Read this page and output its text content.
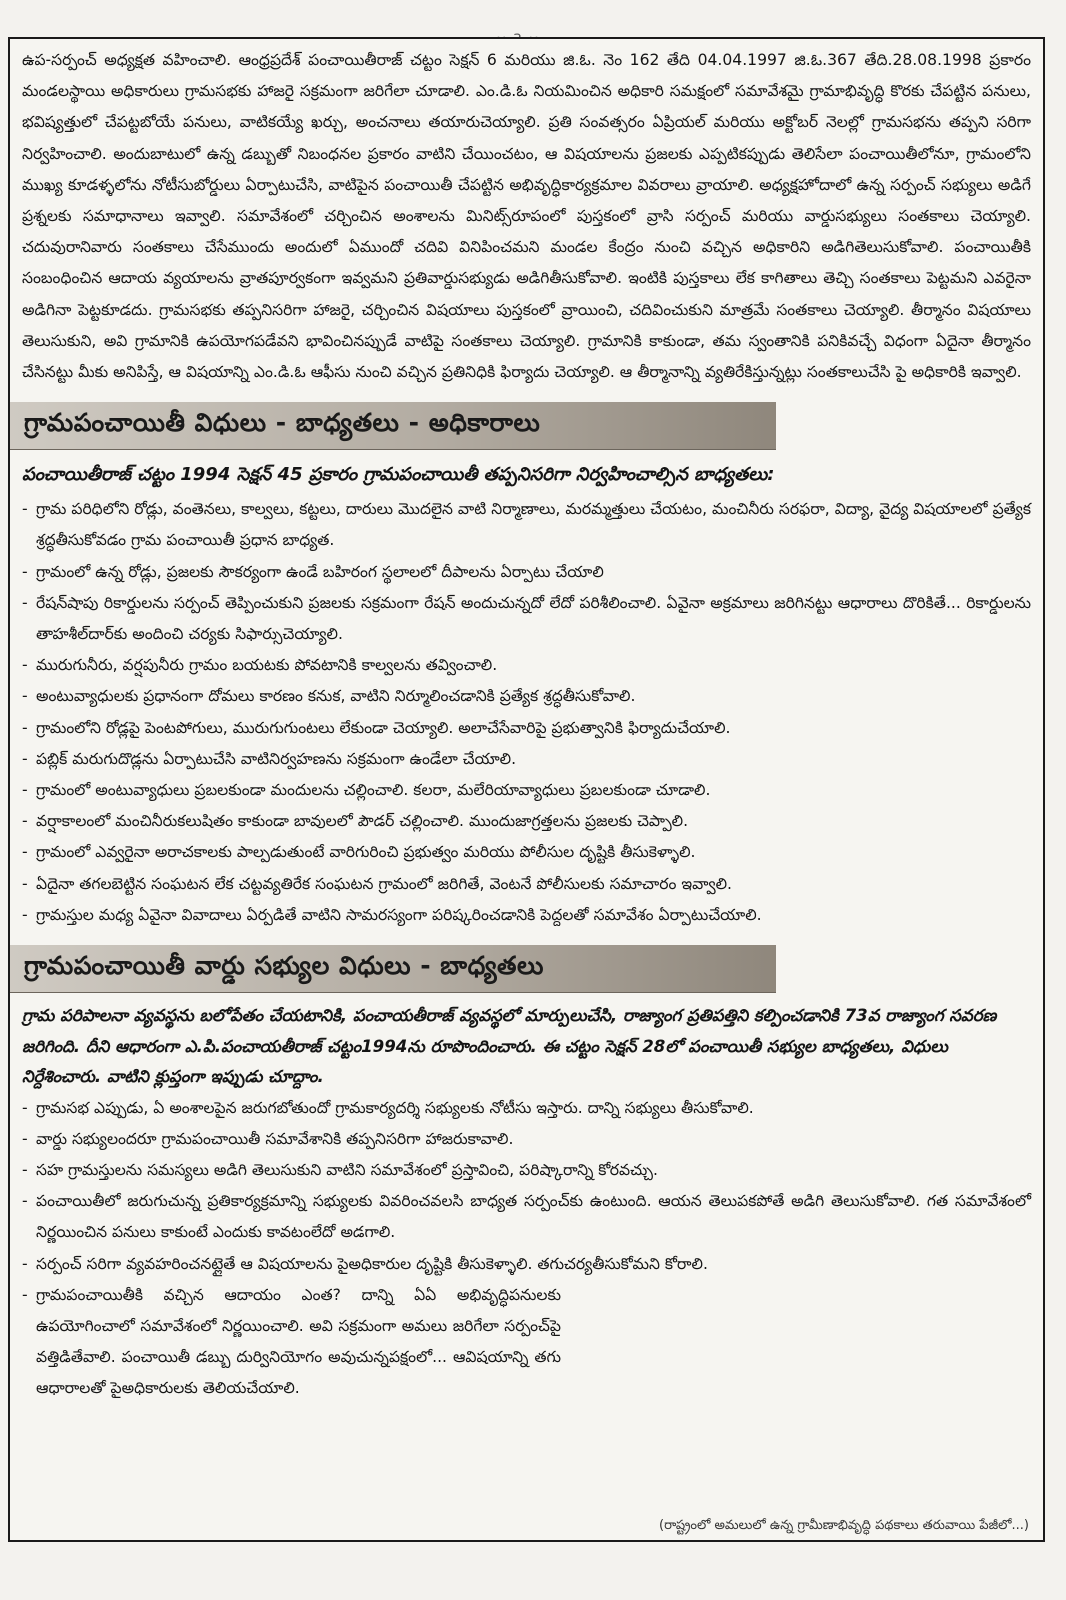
ఉప-సర్పంచ్ అధ్యక్షత వహించాలి. ఆంధ్రప్రదేశ్ పంచాయితీరాజ్ చట్టం సెక్షన్ 6 మరియు జి.ఓ. నెం 162 తేది 04.04.1997 జి.ఓ.367 తేది.28.08.1998 ప్రకారం మండలస్థాయి అధికారులు గ్రామసభకు హాజరై సక్రమంగా జరిగేలా చూడాలి. ఎం.డి.ఓ నియమించిన అధికారి సమక్షంలో సమావేశమై గ్రామాభివృద్ధి కొరకు చేపట్టిన పనులు, భవిష్యత్తులో చేపట్టబోయే పనులు, వాటికయ్యే ఖర్చు, అంచనాలు తయారుచెయ్యాలి. ప్రతి సంవత్సరం ఏప్రియల్ మరియు అక్టోబర్ నెలల్లో గ్రామసభను తప్పని సరిగా నిర్వహించాలి. అందుబాటులో ఉన్న డబ్బుతో నిబంధనల ప్రకారం వాటిని చేయించటం, ఆ విషయాలను ప్రజలకు ఎప్పటికప్పుడు తెలిసేలా పంచాయితీలోనూ, గ్రామంలోని ముఖ్య కూడళ్ళలోను నోటీసుబోర్డులు ఏర్పాటుచేసి, వాటిపైన పంచాయితీ చేపట్టిన అభివృద్ధికార్యక్రమాల వివరాలు వ్రాయాలి. అధ్యక్షహోదాలో ఉన్న సర్పంచ్ సభ్యులు అడిగే ప్రశ్నలకు సమాధానాలు ఇవ్వాలి. సమావేశంలో చర్చించిన అంశాలను మినిట్స్‌రూపంలో పుస్తకంలో వ్రాసి సర్పంచ్ మరియు వార్డుసభ్యులు సంతకాలు చెయ్యాలి. చదువురానివారు సంతకాలు చేసేముందు అందులో ఏముందో చదివి వినిపించమని మండల కేంద్రం నుంచి వచ్చిన అధికారిని అడిగితెలుసుకోవాలి. పంచాయితీకి సంబంధించిన ఆదాయ వ్యయాలను వ్రాతపూర్వకంగా ఇవ్వమని ప్రతివార్డుసభ్యుడు అడిగితీసుకోవాలి. ఇంటికి పుస్తకాలు లేక కాగితాలు తెచ్చి సంతకాలు పెట్టమని ఎవరైనా అడిగినా పెట్టకూడదు. గ్రామసభకు తప్పనిసరిగా హాజరై, చర్చించిన విషయాలు పుస్తకంలో వ్రాయించి, చదివించుకుని మాత్రమే సంతకాలు చెయ్యాలి. తీర్మానం విషయాలు తెలుసుకుని, అవి గ్రామానికి ఉపయోగపడేవని భావించినప్పుడే వాటిపై సంతకాలు చెయ్యాలి. గ్రామానికి కాకుండా, తమ స్వంతానికి పనికివచ్చే విధంగా ఏదైనా తీర్మానం చేసినట్టు మీకు అనిపిస్తే, ఆ విషయాన్ని ఎం.డి.ఓ ఆఫీసు నుంచి వచ్చిన ప్రతినిధికి ఫిర్యాదు చెయ్యాలి. ఆ తీర్మానాన్ని వ్యతిరేకిస్తున్నట్లు సంతకాలుచేసి పై అధికారికి ఇవ్వాలి.

గ్రామపంచాయితీ విధులు - బాధ్యతలు - అధికారాలు

పంచాయితీరాజ్ చట్టం 1994 సెక్షన్ 45 ప్రకారం గ్రామపంచాయితీ తప్పనిసరిగా నిర్వహించాల్సిన బాధ్యతలు:

- గ్రామ పరిధిలోని రోడ్లు, వంతెనలు, కాల్వలు, కట్టలు, దారులు మొదలైన వాటి నిర్మాణాలు, మరమ్మత్తులు చేయటం, మంచినీరు సరఫరా, విద్యా, వైద్య విషయాలలో ప్రత్యేక శ్రద్ధతీసుకోవడం గ్రామ పంచాయితీ ప్రధాన బాధ్యత.
- గ్రామంలో ఉన్న రోడ్లు, ప్రజలకు సౌకర్యంగా ఉండే బహిరంగ స్థలాలలో దీపాలను ఏర్పాటు చేయాలి
- రేషన్‌షాపు రికార్డులను సర్పంచ్ తెప్పించుకుని ప్రజలకు సక్రమంగా రేషన్ అందుచున్నదో లేదో పరిశీలించాలి. ఏవైనా అక్రమాలు జరిగినట్టు ఆధారాలు దొరికితే... రికార్డులను తాహశీల్‌దార్‌కు అందించి చర్యకు సిఫార్సుచెయ్యాలి.
- మురుగునీరు, వర్షపునీరు గ్రామం బయటకు పోవటానికి కాల్వలను తవ్వించాలి.
- అంటువ్యాధులకు ప్రధానంగా దోమలు కారణం కనుక, వాటిని నిర్మూలించడానికి ప్రత్యేక శ్రద్ధతీసుకోవాలి.
- గ్రామంలోని రోడ్లపై పెంటపోగులు, మురుగుగుంటలు లేకుండా చెయ్యాలి. అలాచేసేవారిపై ప్రభుత్వానికి ఫిర్యాదుచేయాలి.
- పబ్లిక్ మరుగుదొడ్లను ఏర్పాటుచేసి వాటినిర్వహణను సక్రమంగా ఉండేలా చేయాలి.
- గ్రామంలో అంటువ్యాధులు ప్రబలకుండా మందులను చల్లించాలి. కలరా, మలేరియావ్యాధులు ప్రబలకుండా చూడాలి.
- వర్షాకాలంలో మంచినీరుకలుషితం కాకుండా బావులలో పౌడర్ చల్లించాలి. ముందుజాగ్రత్తలను ప్రజలకు చెప్పాలి.
- గ్రామంలో ఎవ్వరైనా అరాచకాలకు పాల్పడుతుంటే వారిగురించి ప్రభుత్వం మరియు పోలీసుల దృష్టికి తీసుకెళ్ళాలి.
- ఏదైనా తగలబెట్టిన సంఘటన లేక చట్టవ్యతిరేక సంఘటన గ్రామంలో జరిగితే, వెంటనే పోలీసులకు సమాచారం ఇవ్వాలి.
- గ్రామస్తుల మధ్య ఏవైనా వివాదాలు ఏర్పడితే వాటిని సామరస్యంగా పరిష్కరించడానికి పెద్దలతో సమావేశం ఏర్పాటుచేయాలి.
గ్రామపంచాయితీ వార్డు సభ్యుల విధులు - బాధ్యతలు

గ్రామ పరిపాలనా వ్యవస్థను బలోపేతం చేయటానికి, పంచాయతీరాజ్ వ్యవస్థలో మార్పులుచేసి, రాజ్యాంగ ప్రతిపత్తిని కల్పించడానికి 73వ రాజ్యాంగ సవరణ జరిగింది. దీని ఆధారంగా ఎ.పి.పంచాయతీరాజ్ చట్టం1994ను రూపొందించారు. ఈ చట్టం సెక్షన్ 28లో పంచాయితీ సభ్యుల బాధ్యతలు, విధులు నిర్దేశించారు. వాటిని క్లుప్తంగా ఇప్పుడు చూద్దాం.

- గ్రామసభ ఎప్పుడు, ఏ అంశాలపైన జరుగబోతుందో గ్రామకార్యదర్శి సభ్యులకు నోటీసు ఇస్తారు. దాన్ని సభ్యులు తీసుకోవాలి.
- వార్డు సభ్యులందరూ గ్రామపంచాయితీ సమావేశానికి తప్పనిసరిగా హాజరుకావాలి.
- సహ గ్రామస్తులను సమస్యలు అడిగి తెలుసుకుని వాటిని సమావేశంలో ప్రస్తావించి, పరిష్కారాన్ని కోరవచ్చు.
- పంచాయితీలో జరుగుచున్న ప్రతికార్యక్రమాన్ని సభ్యులకు వివరించవలసి బాధ్యత సర్పంచ్‌కు ఉంటుంది. ఆయన తెలుపకపోతే అడిగి తెలుసుకోవాలి. గత సమావేశంలో నిర్ణయించిన పనులు కాకుంటే ఎందుకు కావటంలేదో అడగాలి.
- సర్పంచ్ సరిగా వ్యవహరించనట్లైతే ఆ విషయాలను పైఅధికారుల దృష్టికి తీసుకెళ్ళాలి. తగుచర్యతీసుకోమని కోరాలి.
- గ్రామపంచాయితీకి వచ్చిన ఆదాయం ఎంత? దాన్ని ఏఏ అభివృద్ధిపనులకు ఉపయోగించాలో సమావేశంలో నిర్ణయించాలి. అవి సక్రమంగా అమలు జరిగేలా సర్పంచ్‌పై వత్తిడితేవాలి. పంచాయితీ డబ్బు దుర్వినియోగం అవుచున్నపక్షంలో... ఆవిషయాన్ని తగు ఆధారాలతో పైఅధికారులకు తెలియచేయాలి.
(రాష్ట్రంలో అమలులో ఉన్న గ్రామీణాభివృద్ధి పథకాలు తరువాయి పేజీలో...)
